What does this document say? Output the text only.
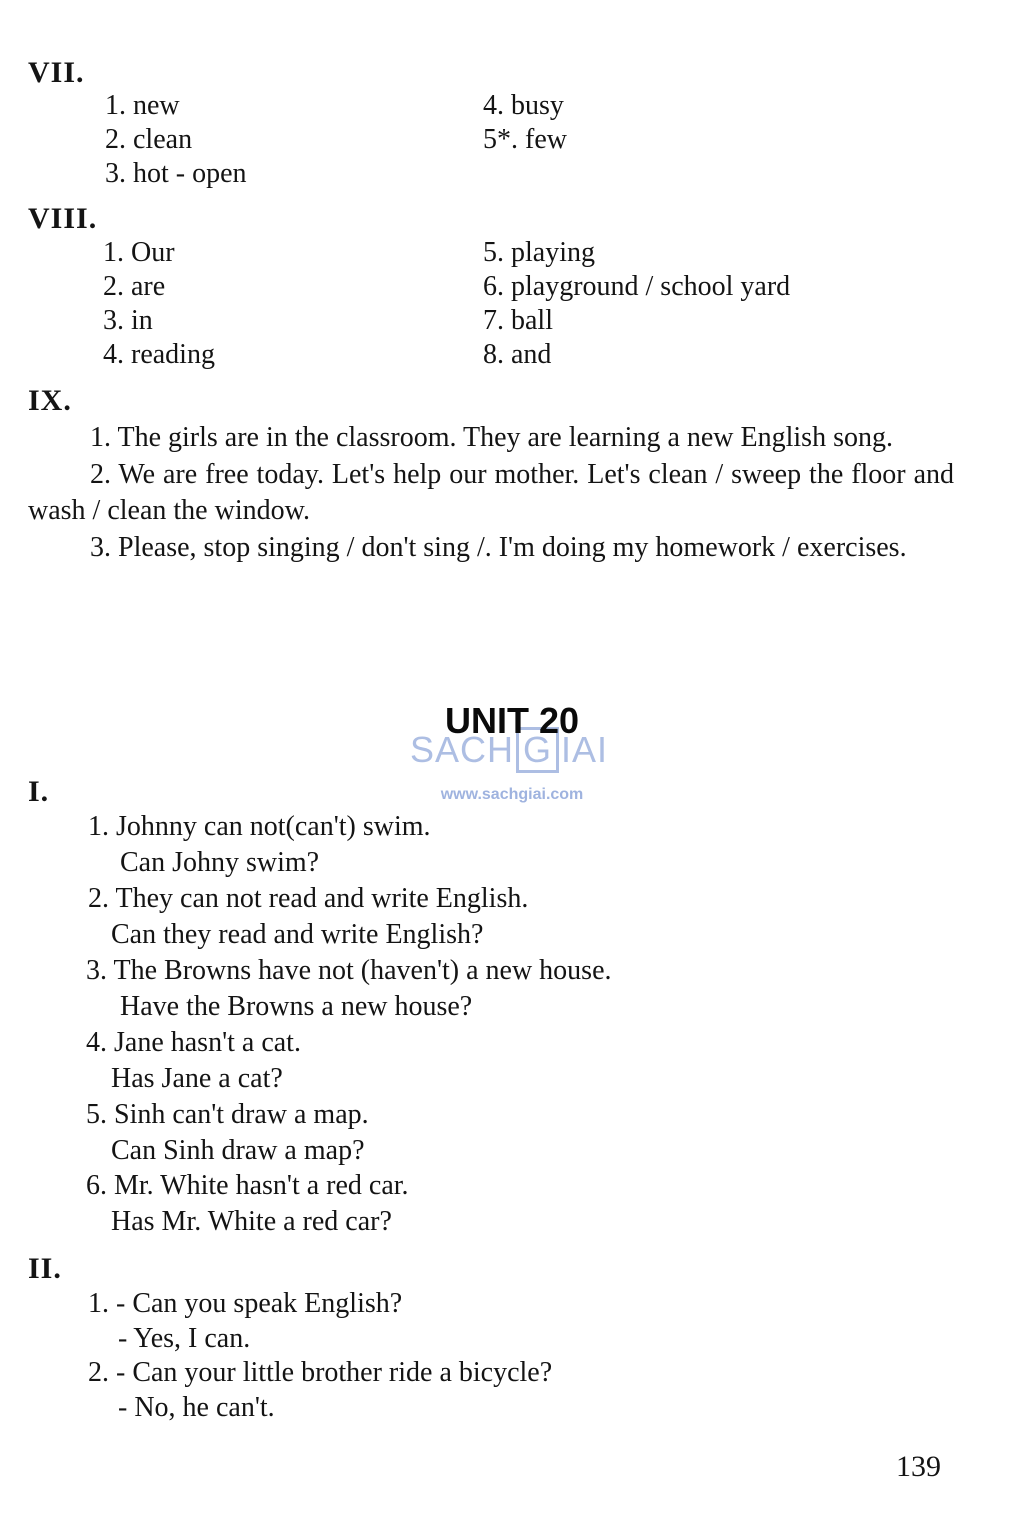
VII.
1. new
2. clean
3. hot - open
4. busy
5*. few
VIII.
1. Our
2. are
3. in
4. reading
5. playing
6. playground / school yard
7. ball
8. and
IX.
1. The girls are in the classroom. They are learning a new English song.
2. We are free today. Let's help our mother. Let's clean / sweep the floor and wash / clean the window.
3. Please, stop singing / don't sing /. I'm doing my homework / exercises.
SACH G IAI
UNIT 20
www.sachgiai.com
I.
1. Johnny can not(can't) swim.
Can Johny swim?
2. They can not read and write English.
Can they read and write English?
3. The Browns have not (haven't) a new house.
Have the Browns a new house?
4. Jane hasn't a cat.
Has Jane a cat?
5. Sinh can't draw a map.
Can Sinh draw a map?
6. Mr. White hasn't a red car.
Has Mr. White a red car?
II.
1. - Can you speak English?
- Yes, I can.
2. - Can your little brother ride a bicycle?
- No, he can't.
139
